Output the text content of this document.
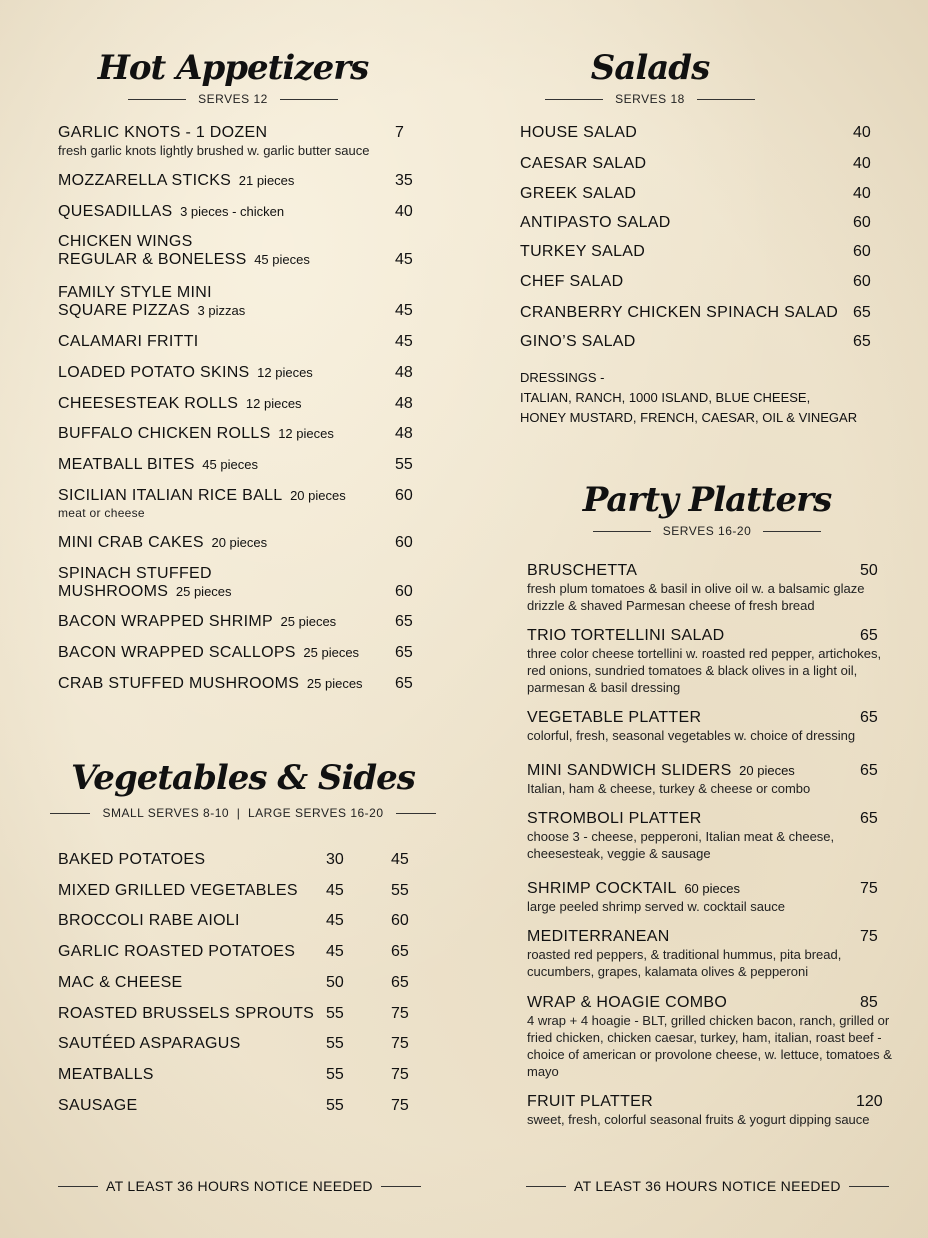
Hot Appetizers
SERVES 12
Vegetables & Sides
SMALL SERVES 8-10  |  LARGE SERVES 16-20
Salads
SERVES 18
DRESSINGS -
ITALIAN, RANCH, 1000 ISLAND, BLUE CHEESE,
HONEY MUSTARD, FRENCH, CAESAR, OIL & VINEGAR
Party Platters
SERVES 16-20
AT LEAST 36 HOURS NOTICE NEEDED	AT LEAST 36 HOURS NOTICE NEEDED
GARLIC KNOTS - 1 DOZEN	7
fresh garlic knots lightly brushed w. garlic butter sauce
MOZZARELLA STICKS 21 pieces	35
QUESADILLAS 3 pieces - chicken	40
CHICKEN WINGS
REGULAR & BONELESS 45 pieces	45
FAMILY STYLE MINI
SQUARE PIZZAS 3 pizzas	45
CALAMARI FRITTI	45
LOADED POTATO SKINS 12 pieces	48
CHEESESTEAK ROLLS 12 pieces	48
BUFFALO CHICKEN ROLLS 12 pieces	48
MEATBALL BITES 45 pieces	55
SICILIAN ITALIAN RICE BALL 20 pieces	60
meat or cheese
MINI CRAB CAKES 20 pieces	60
SPINACH STUFFED
MUSHROOMS 25 pieces	60
BACON WRAPPED SHRIMP 25 pieces	65
BACON WRAPPED SCALLOPS 25 pieces 65
CRAB STUFFED MUSHROOMS 25 pieces 65
BAKED POTATOES	30	45
MIXED GRILLED VEGETABLES 45	55
BROCCOLI RABE AIOLI	45	60
GARLIC ROASTED POTATOES 45	65
MAC & CHEESE	50	65
ROASTED BRUSSELS SPROUTS 55	75
SAUTÉED ASPARAGUS	55	75
MEATBALLS	55	75
SAUSAGE	55	75
HOUSE SALAD	40
CAESAR SALAD	40
GREEK SALAD	40
ANTIPASTO SALAD	60
TURKEY SALAD	60
CHEF SALAD	60
CRANBERRY CHICKEN SPINACH SALAD 65
GINO’S SALAD	65
BRUSCHETTA	50
fresh plum tomatoes & basil in olive oil w. a balsamic glaze drizzle & shaved Parmesan cheese of fresh bread
TRIO TORTELLINI SALAD	65
three color cheese tortellini w. roasted red pepper, artichokes, red onions, sundried tomatoes & black olives in a light oil, parmesan & basil dressing
VEGETABLE PLATTER	65
colorful, fresh, seasonal vegetables w. choice of dressing
MINI SANDWICH SLIDERS 20 pieces	65
Italian, ham & cheese, turkey & cheese or combo
STROMBOLI PLATTER	65
choose 3 - cheese, pepperoni, Italian meat & cheese, cheesesteak, veggie & sausage
SHRIMP COCKTAIL 60 pieces	75
large peeled shrimp served w. cocktail sauce
MEDITERRANEAN	75
roasted red peppers, & traditional hummus, pita bread, cucumbers, grapes, kalamata olives & pepperoni
WRAP & HOAGIE COMBO	85
4 wrap + 4 hoagie - BLT, grilled chicken bacon, ranch, grilled or fried chicken, chicken caesar, turkey, ham, italian, roast beef - choice of american or provolone cheese, w. lettuce, tomatoes & mayo
FRUIT PLATTER	120
sweet, fresh, colorful seasonal fruits & yogurt dipping sauce
